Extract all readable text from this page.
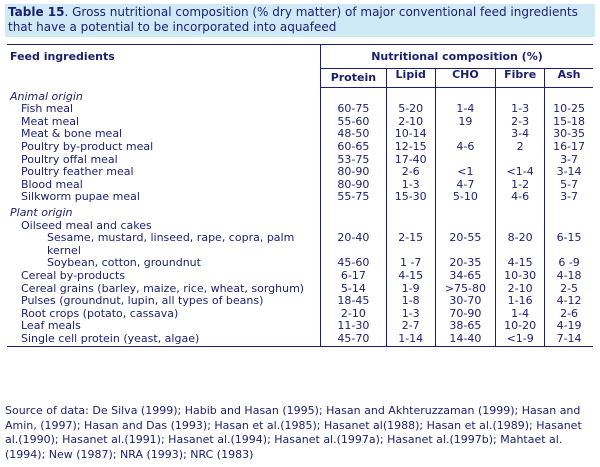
Table 15. Gross nutritional composition (% dry matter) of major conventional feed ingredients that have a potential to be incorporated into aquafeed
Feed ingredients	Nutritional composition (%)				
	Protein	Lipid	CHO	Fibre	Ash
Animal origin					
Fish meal	60-75	5-20	1-4	1-3	10-25
Meat meal	55-60	2-10	19	2-3	15-18
Meat & bone meal	48-50	10-14		3-4	30-35
Poultry by-product meal	60-65	12-15	4-6	2	16-17
Poultry offal meal	53-75	17-40			3-7
Poultry feather meal	80-90	2-6	<1	<1-4	3-14
Blood meal	80-90	1-3	4-7	1-2	5-7
Silkworm pupae meal	55-75	15-30	5-10	4-6	3-7

Plant origin					
Oilseed meal and cakes					
Sesame, mustard, linseed, rape, copra, palm kernel	20-40	2-15	20-55	8-20	6-15
Soybean, cotton, groundnut	45-60	1 -7	20-35	4-15	6 -9
Cereal by-products	6-17	4-15	34-65	10-30	4-18
Cereal grains (barley, maize, rice, wheat, sorghum)	5-14	1-9	>75-80	2-10	2-5
Pulses (groundnut, lupin, all types of beans)	18-45	1-8	30-70	1-16	4-12
Root crops (potato, cassava)	2-10	1-3	70-90	1-4	2-6
Leaf meals	11-30	2-7	38-65	10-20	4-19
Single cell protein (yeast, algae)	45-70	1-14	14-40	<1-9	7-14
Source of data: De Silva (1999); Habib and Hasan (1995); Hasan and Akhteruzzaman (1999); Hasan and Amin, (1997); Hasan and Das (1993); Hasan et al.(1985); Hasanet al(1988); Hasan et al.(1989); Hasanet al.(1990); Hasanet al.(1991); Hasanet al.(1994); Hasanet al.(1997a); Hasanet al.(1997b); Mahtaet al.(1994); New (1987); NRA (1993); NRC (1983)
